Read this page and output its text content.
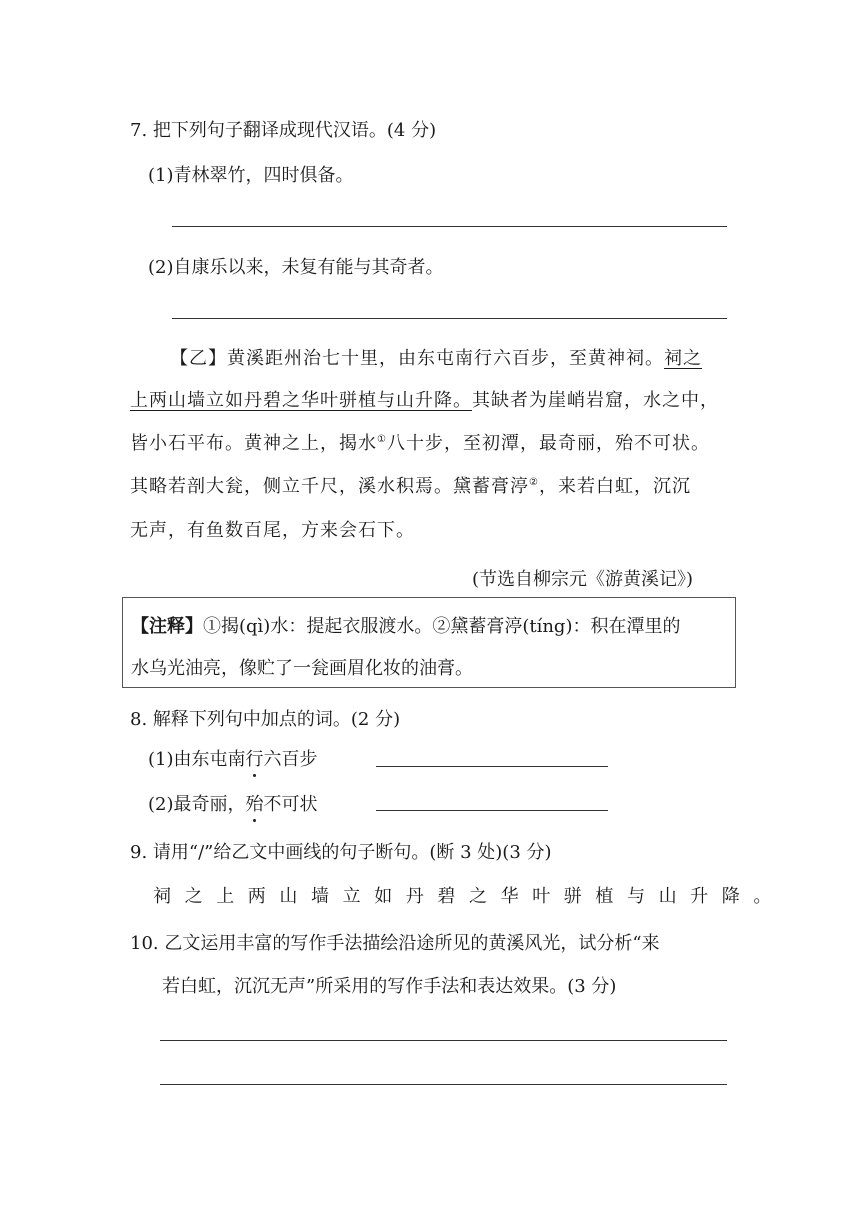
7. 把下列句子翻译成现代汉语。(4 分)
(1)青林翠竹，四时俱备。
(2)自康乐以来，未复有能与其奇者。
【乙】黄溪距州治七十里，由东屯南行六百步，至黄神祠。祠之
上两山墙立如丹碧之华叶骈植与山升降。其缺者为崖峭岩窟，水之中，
皆小石平布。黄神之上，揭水①八十步，至初潭，最奇丽，殆不可状。
其略若剖大瓮，侧立千尺，溪水积焉。黛蓄膏渟②，来若白虹，沉沉
无声，有鱼数百尾，方来会石下。
(节选自柳宗元《游黄溪记》)
【注释】①揭(qì)水：提起衣服渡水。②黛蓄膏渟(tíng)：积在潭里的
水乌光油亮，像贮了一瓮画眉化妆的油膏。
8. 解释下列句中加点的词。(2 分)
(1)由东屯南行六百步
(2)最奇丽，殆不可状
9. 请用“/”给乙文中画线的句子断句。(断 3 处)(3 分)
祠之上两山墙立如丹碧之华叶骈植与山升降。
10. 乙文运用丰富的写作手法描绘沿途所见的黄溪风光，试分析“来
若白虹，沉沉无声”所采用的写作手法和表达效果。(3 分)
